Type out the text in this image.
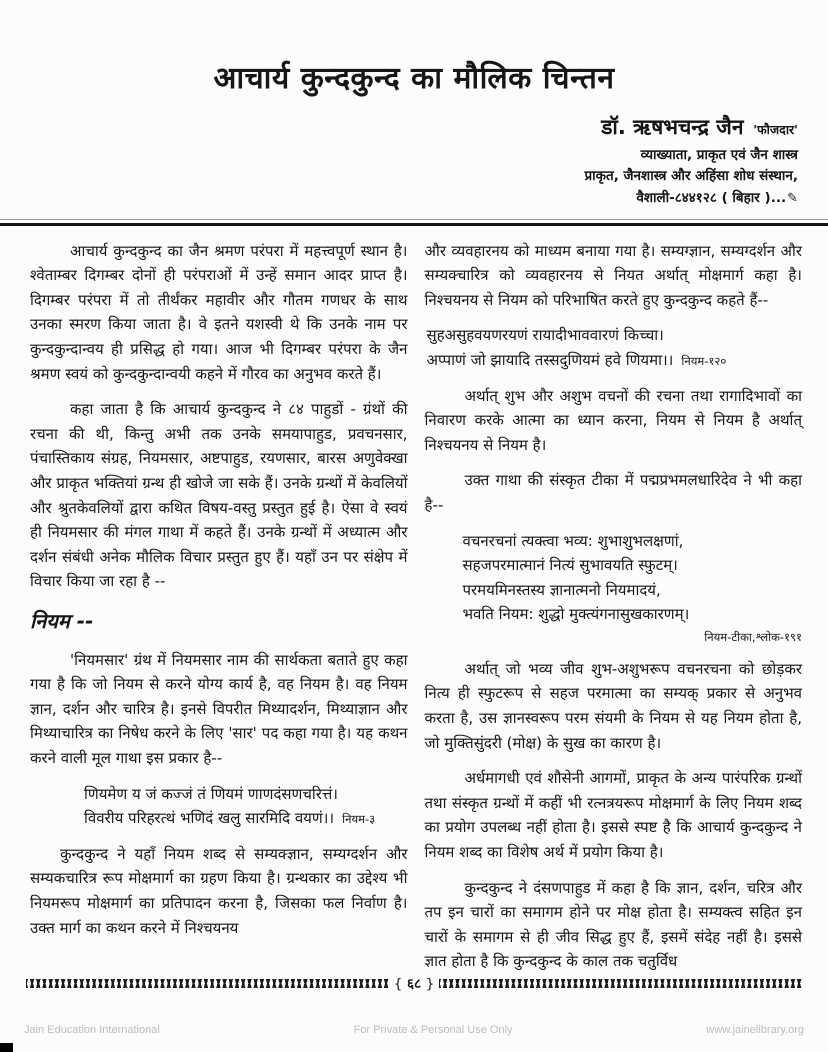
आचार्य कुन्दकुन्द का मौलिक चिन्तन
डॉ. ऋषभचन्द्र जैन 'फौजदार'
व्याख्याता, प्राकृत एवं जैन शास्त्र
प्राकृत, जैनशास्त्र और अहिंसा शोध संस्थान,
वैशाली-८४४१२८ ( बिहार )...✎

आचार्य कुन्दकुन्द का जैन श्रमण परंपरा में महत्त्वपूर्ण स्थान है। श्वेताम्बर दिगम्बर दोनों ही परंपराओं में उन्हें समान आदर प्राप्त है। दिगम्बर परंपरा में तो तीर्थंकर महावीर और गौतम गणधर के साथ उनका स्मरण किया जाता है। वे इतने यशस्वी थे कि उनके नाम पर कुन्दकुन्दान्वय ही प्रसिद्ध हो गया। आज भी दिगम्बर परंपरा के जैन श्रमण स्वयं को कुन्दकुन्दान्वयी कहने में गौरव का अनुभव करते हैं।

कहा जाता है कि आचार्य कुन्दकुन्द ने ८४ पाहुडों - ग्रंथों की रचना की थी, किन्तु अभी तक उनके समयापाहुड, प्रवचनसार, पंचास्तिकाय संग्रह, नियमसार, अष्टपाहुड, रयणसार, बारस अणुवेक्खा और प्राकृत भक्तियां ग्रन्थ ही खोजे जा सके हैं। उनके ग्रन्थों में केवलियों और श्रुतकेवलियों द्वारा कथित विषय-वस्तु प्रस्तुत हुई है। ऐसा वे स्वयं ही नियमसार की मंगल गाथा में कहते हैं। उनके ग्रन्थों में अध्यात्म और दर्शन संबंधी अनेक मौलिक विचार प्रस्तुत हुए हैं। यहाँ उन पर संक्षेप में विचार किया जा रहा है --

नियम --

'नियमसार' ग्रंथ में नियमसार नाम की सार्थकता बताते हुए कहा गया है कि जो नियम से करने योग्य कार्य है, वह नियम है। वह नियम ज्ञान, दर्शन और चारित्र है। इनसे विपरीत मिथ्यादर्शन, मिथ्याज्ञान और मिथ्याचारित्र का निषेध करने के लिए 'सार' पद कहा गया है। यह कथन करने वाली मूल गाथा इस प्रकार है--

णियमेण य जं कज्जं तं णियमं णाणदंसणचरित्तं।
विवरीय परिहरत्थं भणिदं खलु सारमिदि वयणं।। नियम-३

कुन्दकुन्द ने यहाँ नियम शब्द से सम्यक्ज्ञान, सम्यग्दर्शन और सम्यकचारित्र रूप मोक्षमार्ग का ग्रहण किया है। ग्रन्थकार का उद्देश्य भी नियमरूप मोक्षमार्ग का प्रतिपादन करना है, जिसका फल निर्वाण है। उक्त मार्ग का कथन करने में निश्चयनय

और व्यवहारनय को माध्यम बनाया गया है। सम्यग्ज्ञान, सम्यग्दर्शन और सम्यक्चारित्र को व्यवहारनय से नियत अर्थात् मोक्षमार्ग कहा है। निश्चयनय से नियम को परिभाषित करते हुए कुन्दकुन्द कहते हैं--

सुहअसुहवयणरयणं रायादीभाववारणं किच्चा।
अप्पाणं जो झायादि तस्सदुणियमं हवे णियमा।। नियम-१२०

अर्थात् शुभ और अशुभ वचनों की रचना तथा रागादिभावों का निवारण करके आत्मा का ध्यान करना, नियम से नियम है अर्थात् निश्चयनय से नियम है।

उक्त गाथा की संस्कृत टीका में पद्मप्रभमलधारिदेव ने भी कहा है--

वचनरचनां त्यक्त्वा भव्य: शुभाशुभलक्षणां,
सहजपरमात्मानं नित्यं सुभावयति स्फुटम्।
परमयमिनस्तस्य ज्ञानात्मनो नियमादयं,
भवति नियम: शुद्धो मुक्त्यंगनासुखकारणम्।
नियम-टीका,श्लोक-१९१

अर्थात् जो भव्य जीव शुभ-अशुभरूप वचनरचना को छोड़कर नित्य ही स्फुटरूप से सहज परमात्मा का सम्यक् प्रकार से अनुभव करता है, उस ज्ञानस्वरूप परम संयमी के नियम से यह नियम होता है, जो मुक्तिसुंदरी (मोक्ष) के सुख का कारण है।

अर्धमागधी एवं शौसेनी आगमों, प्राकृत के अन्य पारंपरिक ग्रन्थों तथा संस्कृत ग्रन्थों में कहीं भी रत्नत्रयरूप मोक्षमार्ग के लिए नियम शब्द का प्रयोग उपलब्ध नहीं होता है। इससे स्पष्ट है कि आचार्य कुन्दकुन्द ने नियम शब्द का विशेष अर्थ में प्रयोग किया है।

कुन्दकुन्द ने दंसणपाहुड में कहा है कि ज्ञान, दर्शन, चरित्र और तप इन चारों का समागम होने पर मोक्ष होता है। सम्यक्त्व सहित इन चारों के समागम से ही जीव सिद्ध हुए हैं, इसमें संदेह नहीं है। इससे ज्ञात होता है कि कुन्दकुन्द के काल तक चतुर्विध

{ ६८ }
Jain Education International	For Private & Personal Use Only	www.jainelibrary.org
